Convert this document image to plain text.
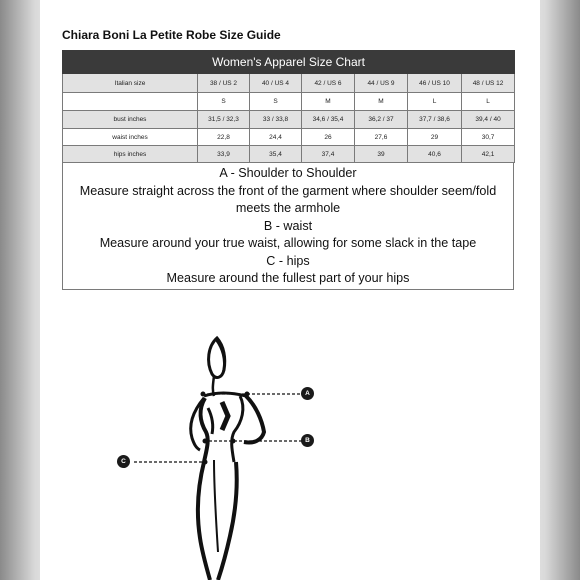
Chiara Boni La Petite Robe Size Guide
Women's Apparel Size Chart						
Italian size	38 / US 2	40 / US 4	42 / US 6	44 / US 9	46 / US 10	48 / US 12
	S	S	M	M	L	L
bust inches	31,5 / 32,3	33 / 33,8	34,6 / 35,4	36,2 / 37	37,7 / 38,6	39,4 / 40
waist inches	22,8	24,4	26	27,6	29	30,7
hips inches	33,9	35,4	37,4	39	40,6	42,1
A - Shoulder to Shoulder
Measure straight across the front of the garment where shoulder seem/fold meets the armhole
B - waist
Measure around your true waist, allowing for some slack in the tape
C - hips
Measure around the fullest part of your hips
A
B
C
